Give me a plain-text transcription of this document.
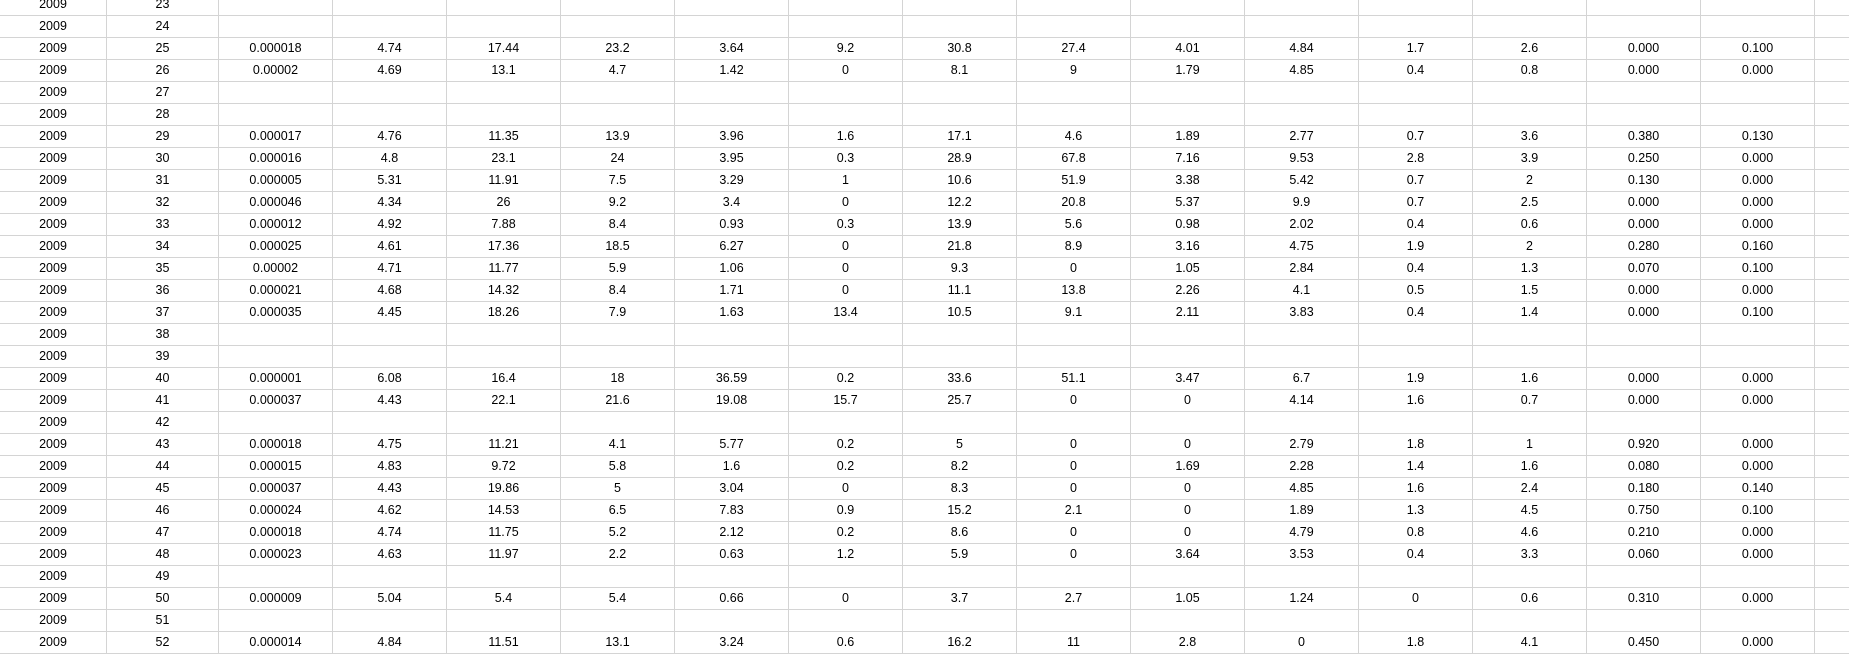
2009	23
2009	24
2009	25	0.000018	4.74	17.44	23.2	3.64	9.2	30.8	27.4	4.01	4.84	1.7	2.6	0.000	0.100
2009	26	0.00002	4.69	13.1	4.7	1.42	0	8.1	9	1.79	4.85	0.4	0.8	0.000	0.000
2009	27
2009	28
2009	29	0.000017	4.76	11.35	13.9	3.96	1.6	17.1	4.6	1.89	2.77	0.7	3.6	0.380	0.130
2009	30	0.000016	4.8	23.1	24	3.95	0.3	28.9	67.8	7.16	9.53	2.8	3.9	0.250	0.000
2009	31	0.000005	5.31	11.91	7.5	3.29	1	10.6	51.9	3.38	5.42	0.7	2	0.130	0.000
2009	32	0.000046	4.34	26	9.2	3.4	0	12.2	20.8	5.37	9.9	0.7	2.5	0.000	0.000
2009	33	0.000012	4.92	7.88	8.4	0.93	0.3	13.9	5.6	0.98	2.02	0.4	0.6	0.000	0.000
2009	34	0.000025	4.61	17.36	18.5	6.27	0	21.8	8.9	3.16	4.75	1.9	2	0.280	0.160
2009	35	0.00002	4.71	11.77	5.9	1.06	0	9.3	0	1.05	2.84	0.4	1.3	0.070	0.100
2009	36	0.000021	4.68	14.32	8.4	1.71	0	11.1	13.8	2.26	4.1	0.5	1.5	0.000	0.000
2009	37	0.000035	4.45	18.26	7.9	1.63	13.4	10.5	9.1	2.11	3.83	0.4	1.4	0.000	0.100
2009	38
2009	39
2009	40	0.000001	6.08	16.4	18	36.59	0.2	33.6	51.1	3.47	6.7	1.9	1.6	0.000	0.000
2009	41	0.000037	4.43	22.1	21.6	19.08	15.7	25.7	0	0	4.14	1.6	0.7	0.000	0.000
2009	42
2009	43	0.000018	4.75	11.21	4.1	5.77	0.2	5	0	0	2.79	1.8	1	0.920	0.000
2009	44	0.000015	4.83	9.72	5.8	1.6	0.2	8.2	0	1.69	2.28	1.4	1.6	0.080	0.000
2009	45	0.000037	4.43	19.86	5	3.04	0	8.3	0	0	4.85	1.6	2.4	0.180	0.140
2009	46	0.000024	4.62	14.53	6.5	7.83	0.9	15.2	2.1	0	1.89	1.3	4.5	0.750	0.100
2009	47	0.000018	4.74	11.75	5.2	2.12	0.2	8.6	0	0	4.79	0.8	4.6	0.210	0.000
2009	48	0.000023	4.63	11.97	2.2	0.63	1.2	5.9	0	3.64	3.53	0.4	3.3	0.060	0.000
2009	49
2009	50	0.000009	5.04	5.4	5.4	0.66	0	3.7	2.7	1.05	1.24	0	0.6	0.310	0.000
2009	51
2009	52	0.000014	4.84	11.51	13.1	3.24	0.6	16.2	11	2.8	0	1.8	4.1	0.450	0.000
